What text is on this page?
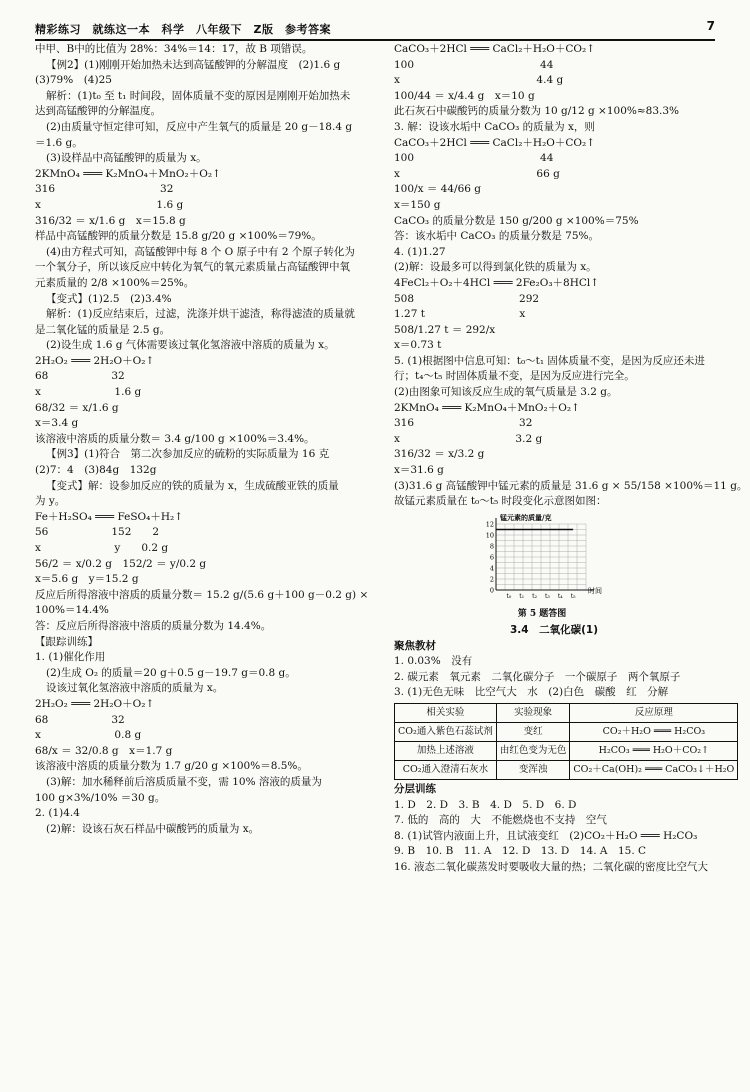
精彩练习　就练这一本　科学　八年级下　Z版　参考答案	7
中甲、B中的比值为 28%：34%＝14：17，故 B 项错误。
【例2】(1)刚刚开始加热未达到高锰酸钾的分解温度　(2)1.6 g
(3)79%　(4)25
解析：(1)t₀ 至 t₁ 时间段，固体质量不变的原因是刚刚开始加热未
达到高锰酸钾的分解温度。
(2)由质量守恒定律可知，反应中产生氧气的质量是 20 g－18.4 g
＝1.6 g。
(3)设样品中高锰酸钾的质量为 x。
2KMnO₄ ═══ K₂MnO₄＋MnO₂＋O₂↑
316　　　　　　　　　　32
x　　　　　　　　　　　1.6 g
316/32 ＝ x/1.6 g　x＝15.8 g
样品中高锰酸钾的质量分数是 15.8 g/20 g ×100%＝79%。
(4)由方程式可知，高锰酸钾中每 8 个 O 原子中有 2 个原子转化为
一个氧分子，所以该反应中转化为氧气的氧元素质量占高锰酸钾中氧
元素质量的 2/8 ×100%＝25%。
【变式】(1)2.5　(2)3.4%
解析：(1)反应结束后，过滤，洗涤并烘干滤渣，称得滤渣的质量就
是二氧化锰的质量是 2.5 g。
(2)设生成 1.6 g 气体需要该过氧化氢溶液中溶质的质量为 x。
2H₂O₂ ═══ 2H₂O＋O₂↑
68　　　　　　32
x　　　　　　　1.6 g
68/32 ＝ x/1.6 g
x＝3.4 g
该溶液中溶质的质量分数＝ 3.4 g/100 g ×100%＝3.4%。
【例3】(1)符合　第二次参加反应的硫粉的实际质量为 16 克
(2)7：4　(3)84g　132g
【变式】解：设参加反应的铁的质量为 x，生成硫酸亚铁的质量
为 y。
Fe＋H₂SO₄ ═══ FeSO₄＋H₂↑
56　　　　　　152　　2
x　　　　　　　y　　0.2 g
56/2 ＝ x/0.2 g　152/2 ＝ y/0.2 g
x＝5.6 g　y＝15.2 g
反应后所得溶液中溶质的质量分数＝ 15.2 g/(5.6 g＋100 g－0.2 g) ×
100%＝14.4%
答：反应后所得溶液中溶质的质量分数为 14.4%。
【跟踪训练】
1. (1)催化作用
(2)生成 O₂ 的质量＝20 g＋0.5 g－19.7 g＝0.8 g。
设该过氧化氢溶液中溶质的质量为 x。
2H₂O₂ ═══ 2H₂O＋O₂↑
68　　　　　　32
x　　　　　　　0.8 g
68/x ＝ 32/0.8 g　x＝1.7 g
该溶液中溶质的质量分数为 1.7 g/20 g ×100%＝8.5%。
(3)解：加水稀释前后溶质质量不变，需 10% 溶液的质量为
100 g×3%/10% ＝30 g。
2. (1)4.4
(2)解：设该石灰石样品中碳酸钙的质量为 x。
CaCO₃＋2HCl ═══ CaCl₂＋H₂O＋CO₂↑
100　　　　　　　　　　　　44
x　　　　　　　　　　　　　4.4 g
100/44 ＝ x/4.4 g　x＝10 g
此石灰石中碳酸钙的质量分数为 10 g/12 g ×100%≈83.3%
3. 解：设该水垢中 CaCO₃ 的质量为 x，则
CaCO₃＋2HCl ═══ CaCl₂＋H₂O＋CO₂↑
100　　　　　　　　　　　　44
x　　　　　　　　　　　　　66 g
100/x ＝ 44/66 g
x＝150 g
CaCO₃ 的质量分数是 150 g/200 g ×100%＝75%
答：该水垢中 CaCO₃ 的质量分数是 75%。
4. (1)1.27
(2)解：设最多可以得到氯化铁的质量为 x。
4FeCl₂＋O₂＋4HCl ═══ 2Fe₂O₃＋8HCl↑
508　　　　　　　　　　292
1.27 t　　　　　　　　　x
508/1.27 t ＝ 292/x
x＝0.73 t
5. (1)根据图中信息可知：t₀～t₁ 固体质量不变，是因为反应还未进
行；t₄～t₅ 时固体质量不变，是因为反应进行完全。
(2)由图象可知该反应生成的氧气质量是 3.2 g。
2KMnO₄ ═══ K₂MnO₄＋MnO₂＋O₂↑
316　　　　　　　　　　32
x　　　　　　　　　　　3.2 g
316/32 ＝ x/3.2 g
x＝31.6 g
(3)31.6 g 高锰酸钾中锰元素的质量是 31.6 g × 55/158 ×100%＝11 g。
故锰元素质量在 t₀～t₅ 时段变化示意图如图：
锰元素的质量/克
时间
0
2
4
6
8
10
12
t₀ t₁ t₂ t₃ t₄ t₅
第 5 题答图
3.4　二氧化碳(1)
聚焦教材
1. 0.03%　没有
2. 碳元素　氧元素　二氧化碳分子　一个碳原子　两个氧原子
3. (1)无色无味　比空气大　水　(2)白色　碳酸　红　分解
相关实验	实验现象	反应原理
CO₂通入紫色石蕊试剂	变红	CO₂＋H₂O ═══ H₂CO₃
加热上述溶液	由红色变为无色	H₂CO₃ ═══ H₂O＋CO₂↑
CO₂通入澄清石灰水	变浑浊	CO₂＋Ca(OH)₂ ═══ CaCO₃↓＋H₂O
分层训练
1. D　2. D　3. B　4. D　5. D　6. D
7. 低的　高的　大　不能燃烧也不支持　空气
8. (1)试管内液面上升，且试液变红　(2)CO₂＋H₂O ═══ H₂CO₃
9. B　10. B　11. A　12. D　13. D　14. A　15. C
16. 液态二氧化碳蒸发时要吸收大量的热；二氧化碳的密度比空气大
